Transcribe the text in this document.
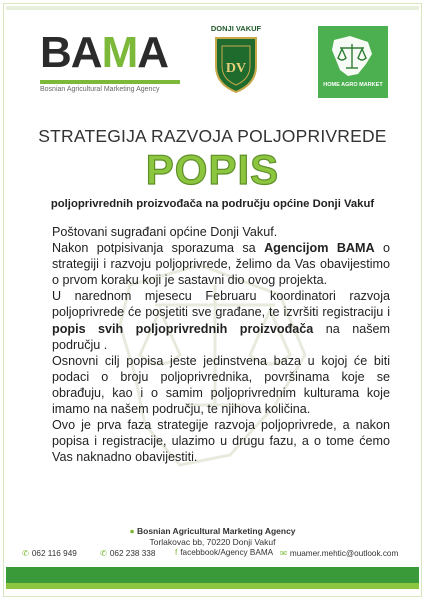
BAMA
Bosnian Agricultural Marketing Agency
DONJI VAKUF
DV
HOME AGRO MARKET
STRATEGIJA RAZVOJA POLJOPRIVREDE
POPIS
poljoprivrednih proizvođača na području općine Donji Vakuf

Poštovani sugrađani općine Donji Vakuf.

Nakon potpisivanja sporazuma sa Agencijom BAMA o strategiji i razvoju poljoprivrede, želimo da Vas obavijestimo o prvom koraku koji je sastavni dio ovog projekta.

U narednom mjesecu Februaru koordinatori razvoja poljoprivrede će posjetiti sve građane, te izvršiti registraciju i popis svih poljoprivrednih proizvođača na našem području .

Osnovni cilj popisa jeste jedinstvena baza u kojoj će biti podaci o broju poljoprivrednika, površinama koje se obrađuju, kao i o samim poljoprivrednim kulturama koje imamo na našem području, te njihova količina.

Ovo je prva faza strategije razvoja poljoprivrede, a nakon popisa i registracije, ulazimo u drugu fazu, a o tome ćemo Vas naknadno obavijestiti.

● Bosnian Agricultural Marketing Agency
Torlakovac bb, 70220 Donji Vakuf
✆ 062 116 949	✆ 062 238 338 f facebbook/Agency BAMA ✉ muamer.mehtic@outlook.com
